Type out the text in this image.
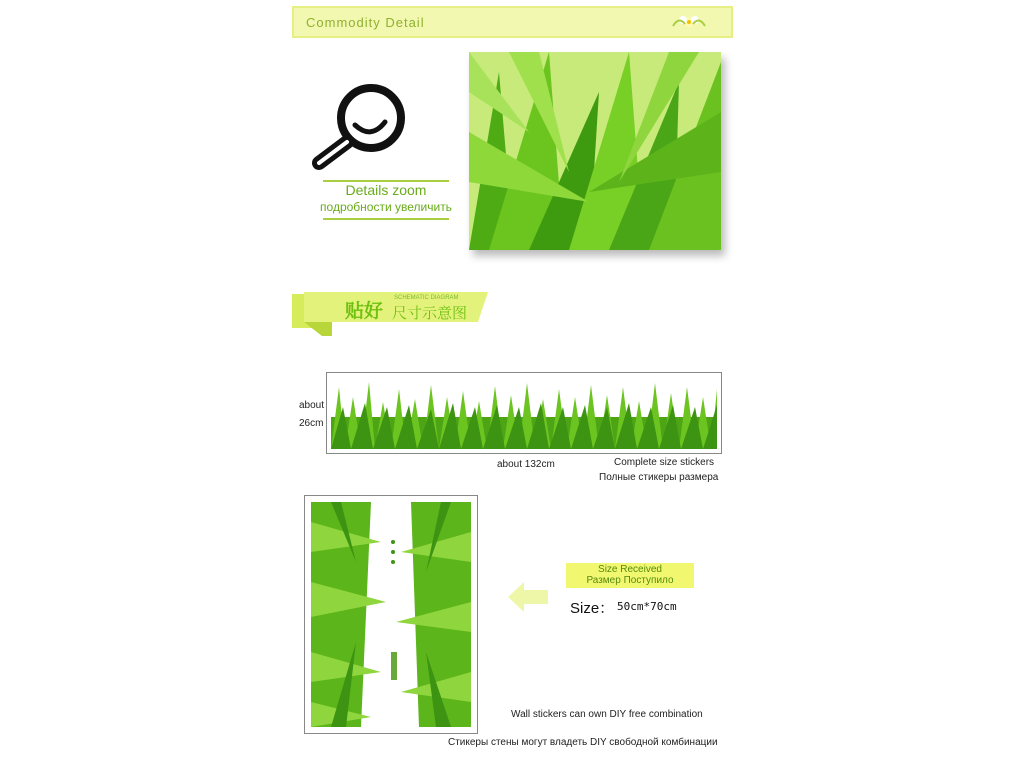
Commodity Detail
Details zoom
подробности увеличить
贴好
SCHEMATIC DIAGRAM
尺寸示意图
about
26cm
about 132cm	Complete size stickers
Полные стикеры размера
Size Received
Размер Поступило
Size： 50cm*70cm
Wall stickers can own DIY free combination
Стикеры стены могут владеть DIY свободной комбинации
